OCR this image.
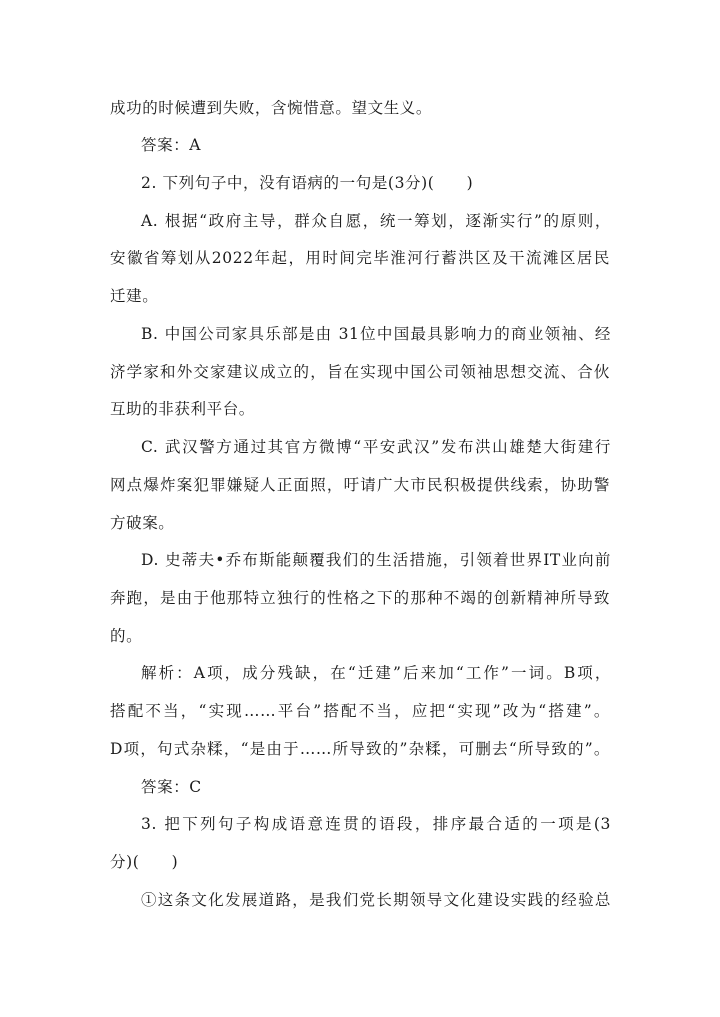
成功的时候遭到失败，含惋惜意。望文生义。
答案：A
2. 下列句子中，没有语病的一句是(3分)(　　)
A. 根据“政府主导，群众自愿，统一筹划，逐渐实行”的原则，
安徽省筹划从2022年起，用时间完毕淮河行蓄洪区及干流滩区居民
迁建。
B. 中国公司家具乐部是由 31位中国最具影响力的商业领袖、经
济学家和外交家建议成立的，旨在实现中国公司领袖思想交流、合伙
互助的非获利平台。
C. 武汉警方通过其官方微博“平安武汉”发布洪山雄楚大街建行
网点爆炸案犯罪嫌疑人正面照，吁请广大市民积极提供线索，协助警
方破案。
D. 史蒂夫•乔布斯能颠覆我们的生活措施，引领着世界IT业向前
奔跑，是由于他那特立独行的性格之下的那种不竭的创新精神所导致
的。
解析：A项，成分残缺，在“迁建”后来加“工作”一词。B项，
搭配不当，“实现……平台”搭配不当，应把“实现”改为“搭建”。
D项，句式杂糅，“是由于……所导致的”杂糅，可删去“所导致的”。
答案：C
3. 把下列句子构成语意连贯的语段，排序最合适的一项是(3
分)(　　)
①这条文化发展道路，是我们党长期领导文化建设实践的经验总
